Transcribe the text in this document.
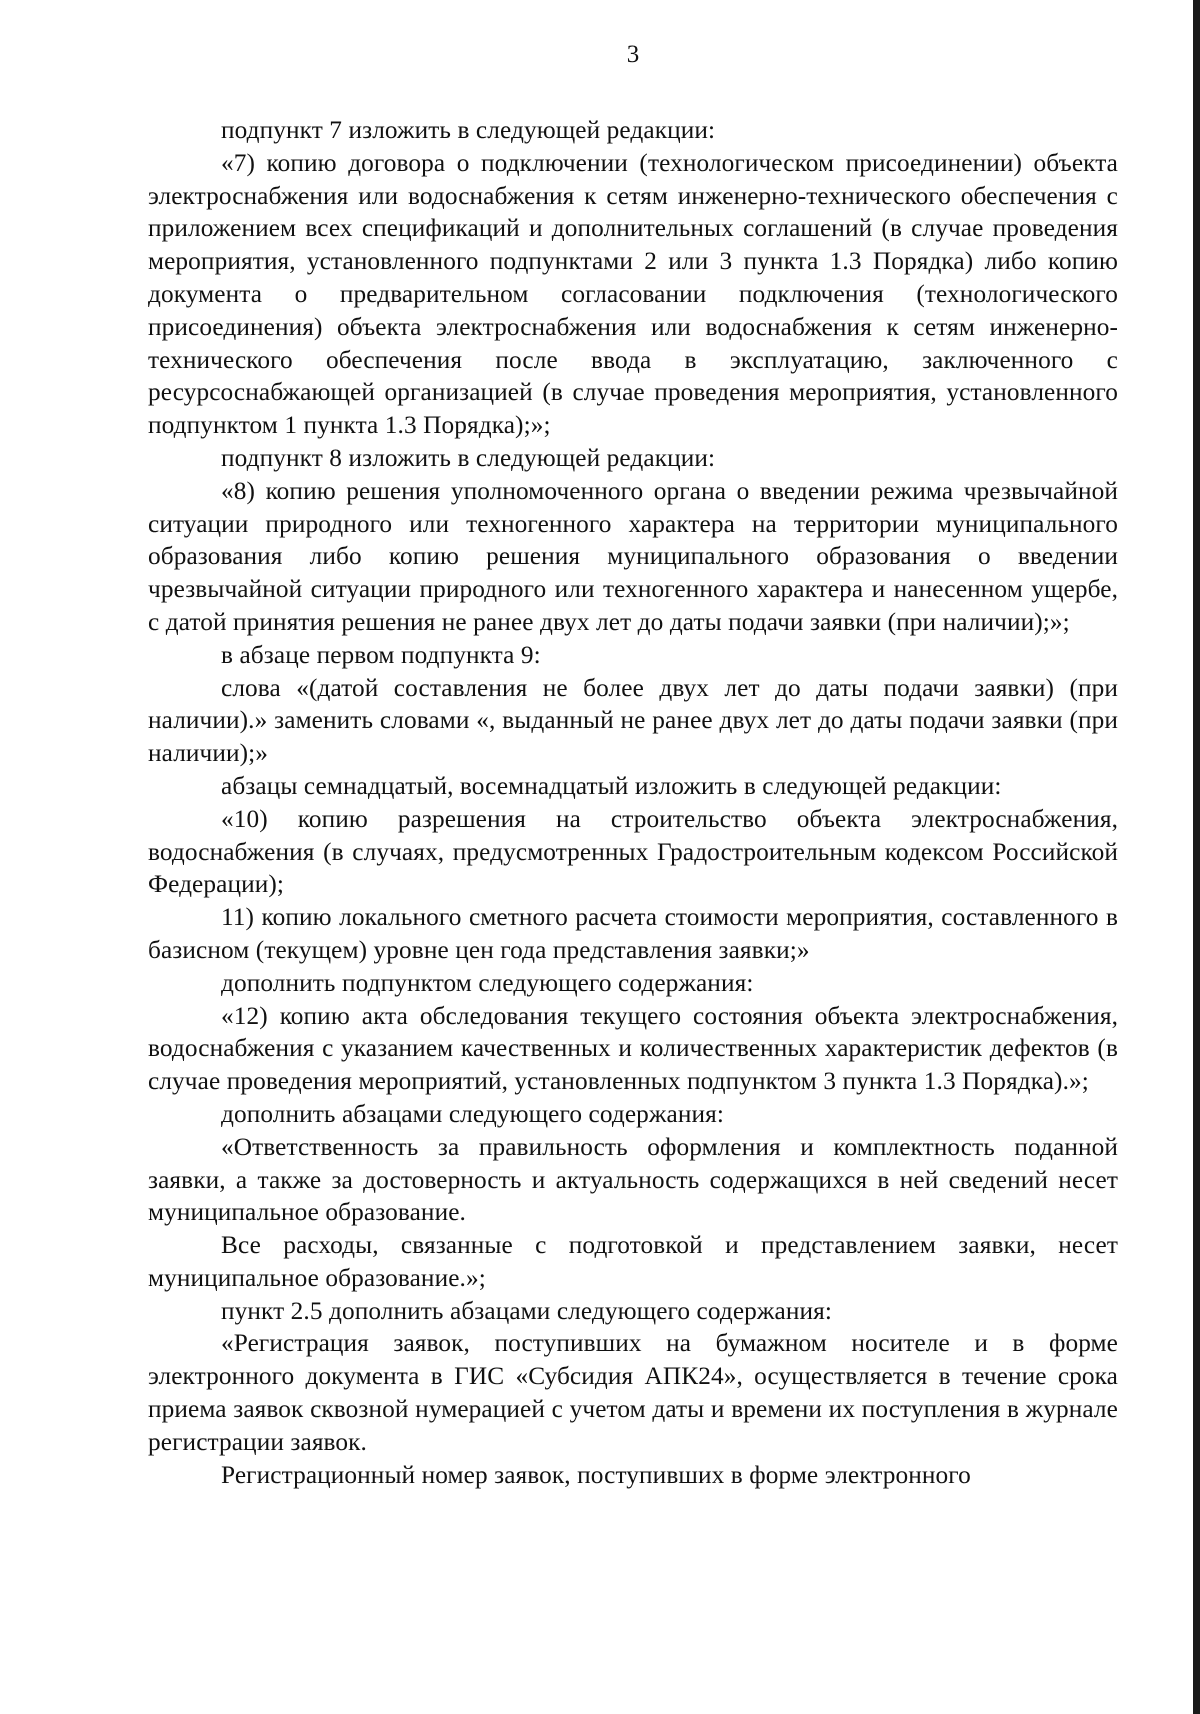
3

подпункт 7 изложить в следующей редакции:

«7) копию договора о подключении (технологическом присоединении) объекта электроснабжения или водоснабжения к сетям инженерно-технического обеспечения с приложением всех спецификаций и дополнительных соглашений (в случае проведения мероприятия, установленного подпунктами 2 или 3 пункта 1.3 Порядка) либо копию документа о предварительном согласовании подключения (технологического присоединения) объекта электроснабжения или водоснабжения к сетям инженерно-технического обеспечения после ввода в эксплуатацию, заключенного с ресурсоснабжающей организацией (в случае проведения мероприятия, установленного подпунктом 1 пункта 1.3 Порядка);»;

подпункт 8 изложить в следующей редакции:

«8) копию решения уполномоченного органа о введении режима чрезвычайной ситуации природного или техногенного характера на территории муниципального образования либо копию решения муниципального образования о введении чрезвычайной ситуации природного или техногенного характера и нанесенном ущербе, с датой принятия решения не ранее двух лет до даты подачи заявки (при наличии);»;

в абзаце первом подпункта 9:

слова «(датой составления не более двух лет до даты подачи заявки) (при наличии).» заменить словами «, выданный не ранее двух лет до даты подачи заявки (при наличии);»

абзацы семнадцатый, восемнадцатый изложить в следующей редакции:

«10) копию разрешения на строительство объекта электроснабжения, водоснабжения (в случаях, предусмотренных Градостроительным кодексом Российской Федерации);

11) копию локального сметного расчета стоимости мероприятия, составленного в базисном (текущем) уровне цен года представления заявки;»

дополнить подпунктом следующего содержания:

«12) копию акта обследования текущего состояния объекта электроснабжения, водоснабжения с указанием качественных и количественных характеристик дефектов (в случае проведения мероприятий, установленных подпунктом 3 пункта 1.3 Порядка).»;

дополнить абзацами следующего содержания:

«Ответственность за правильность оформления и комплектность поданной заявки, а также за достоверность и актуальность содержащихся в ней сведений несет муниципальное образование.

Все расходы, связанные с подготовкой и представлением заявки, несет муниципальное образование.»;

пункт 2.5 дополнить абзацами следующего содержания:

«Регистрация заявок, поступивших на бумажном носителе и в форме электронного документа в ГИС «Субсидия АПК24», осуществляется в течение срока приема заявок сквозной нумерацией с учетом даты и времени их поступления в журнале регистрации заявок.

Регистрационный номер заявок, поступивших в форме электронного
